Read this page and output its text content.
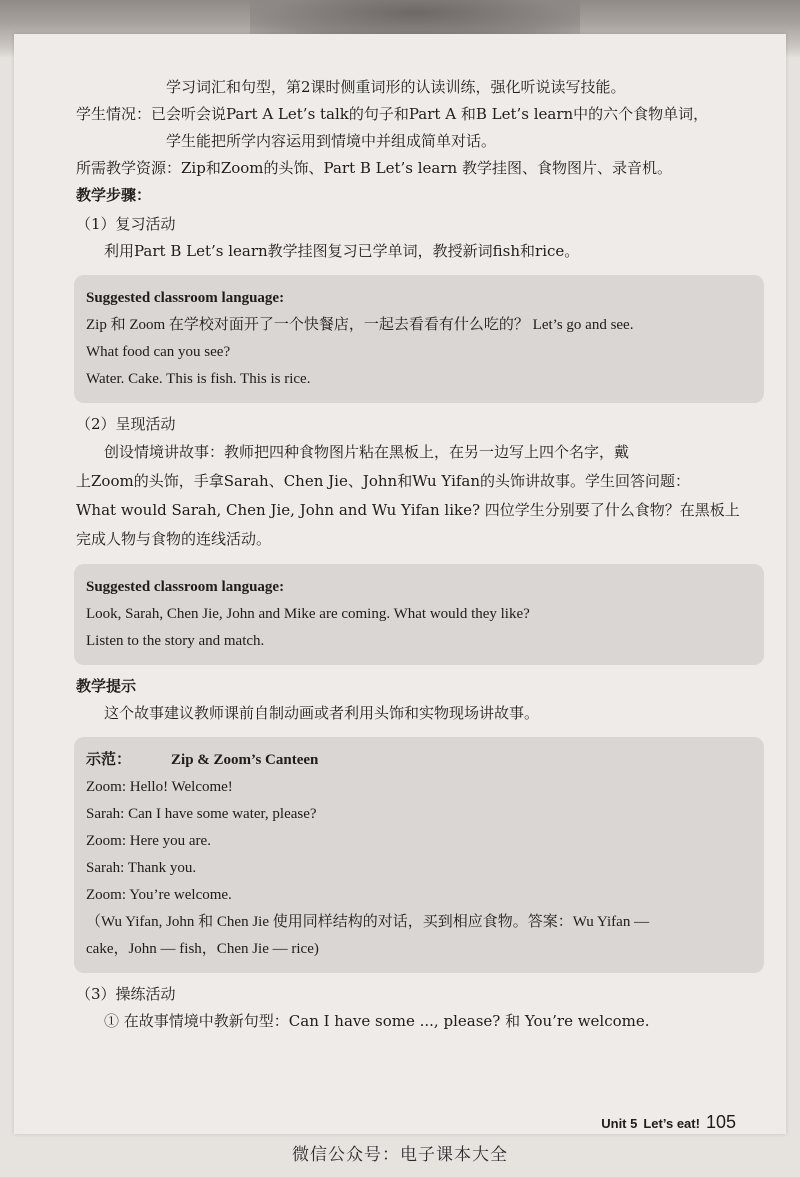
学习词汇和句型，第2课时侧重词形的认读训练，强化听说读写技能。

学生情况：已会听会说Part A Let’s talk的句子和Part A 和B Let’s learn中的六个食物单词，

学生能把所学内容运用到情境中并组成简单对话。

所需教学资源：Zip和Zoom的头饰、Part B Let’s learn 教学挂图、食物图片、录音机。

教学步骤：

（1）复习活动

利用Part B Let’s learn教学挂图复习已学单词，教授新词fish和rice。

Suggested classroom language:

Zip 和 Zoom 在学校对面开了一个快餐店，一起去看看有什么吃的？ Let’s go and see.

What food can you see?

Water. Cake. This is fish. This is rice.

（2）呈现活动

创设情境讲故事：教师把四种食物图片粘在黑板上，在另一边写上四个名字，戴

上Zoom的头饰，手拿Sarah、Chen Jie、John和Wu Yifan的头饰讲故事。学生回答问题：

What would Sarah, Chen Jie, John and Wu Yifan like? 四位学生分别要了什么食物？在黑板上

完成人物与食物的连线活动。

Suggested classroom language:

Look, Sarah, Chen Jie, John and Mike are coming. What would they like?

Listen to the story and match.

教学提示

这个故事建议教师课前自制动画或者利用头饰和实物现场讲故事。

示范：	Zip & Zoom’s Canteen

Zoom: Hello! Welcome!

Sarah: Can I have some water, please?

Zoom: Here you are.

Sarah: Thank you.

Zoom: You’re welcome.

（Wu Yifan, John 和 Chen Jie 使用同样结构的对话，买到相应食物。答案：Wu Yifan —

cake，John — fish，Chen Jie — rice)

（3）操练活动

① 在故事情境中教新句型：Can I have some ..., please? 和 You’re welcome.

Unit 5 Let’s eat! 105
微信公众号：电子课本大全
